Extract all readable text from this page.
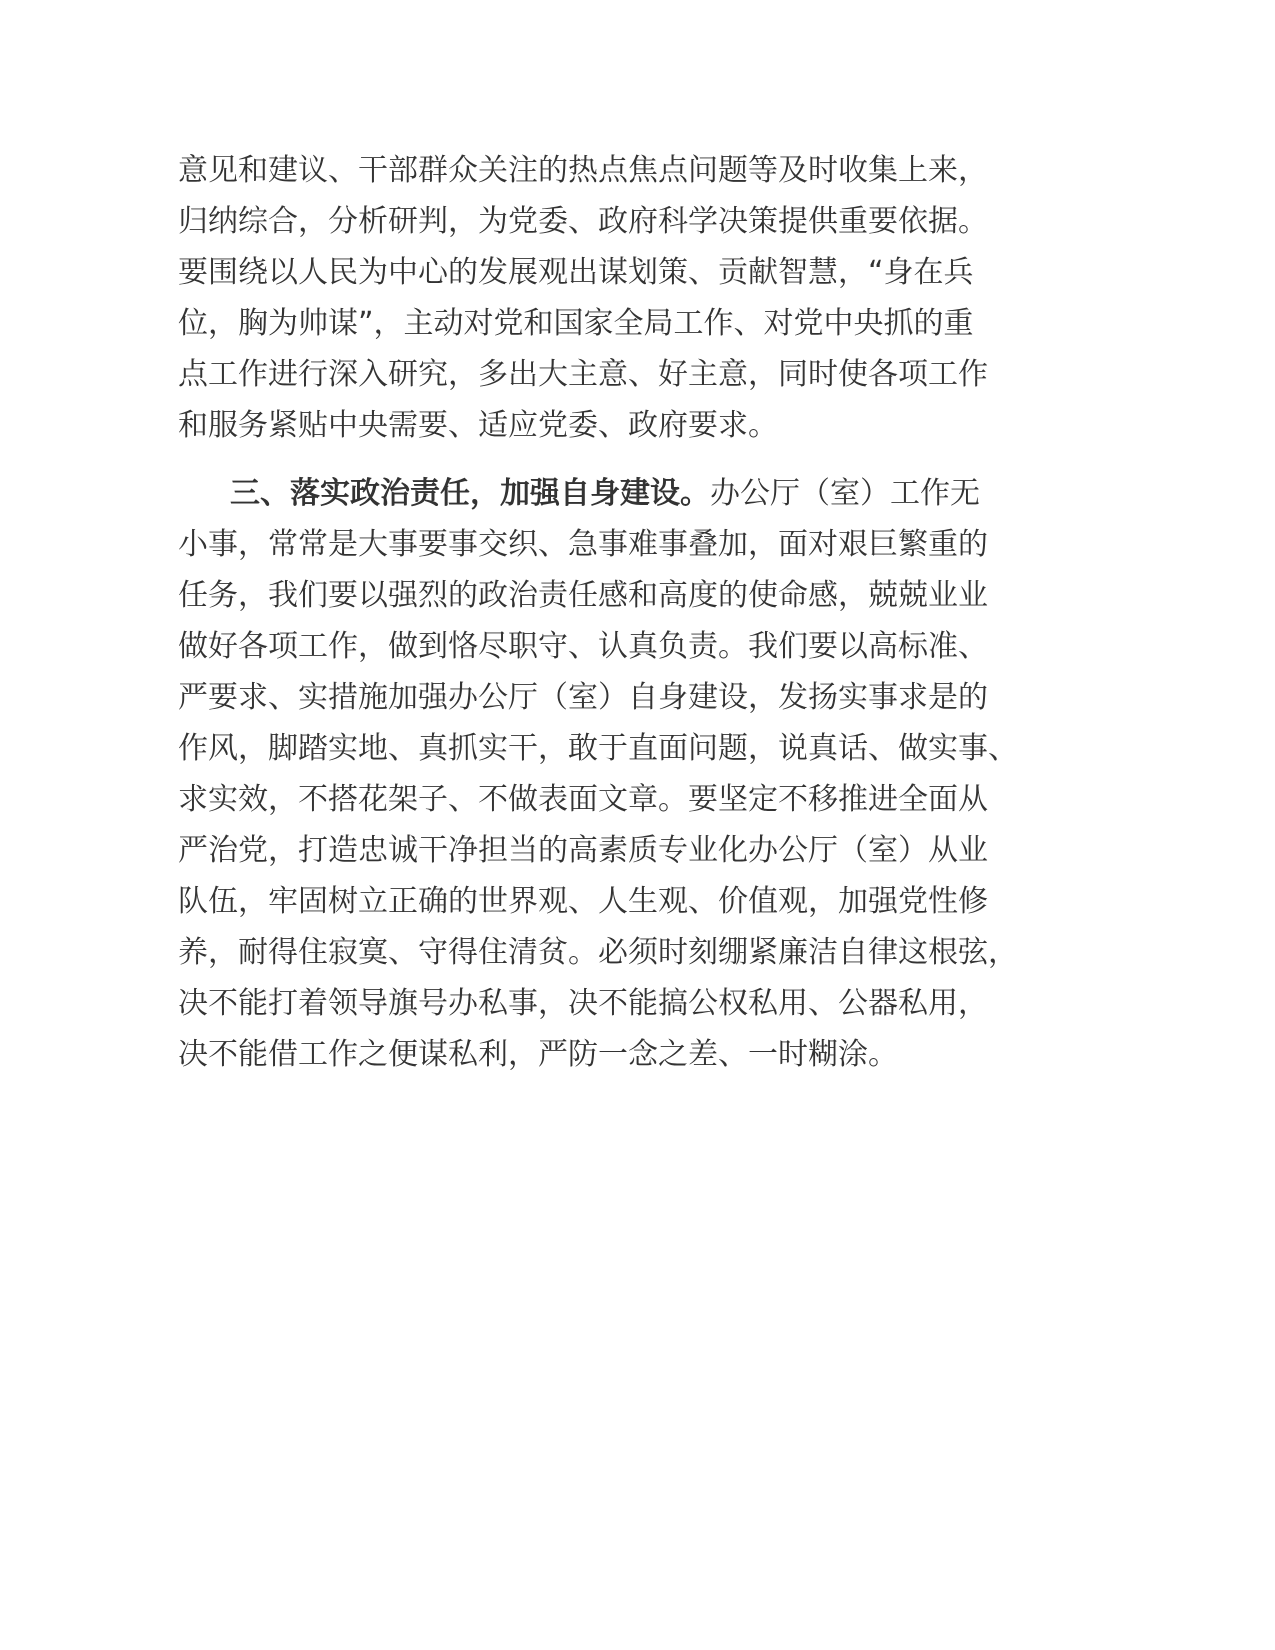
意见和建议、干部群众关注的热点焦点问题等及时收集上来，
归纳综合，分析研判，为党委、政府科学决策提供重要依据。
要围绕以人民为中心的发展观出谋划策、贡献智慧，“身在兵
位，胸为帅谋”，主动对党和国家全局工作、对党中央抓的重
点工作进行深入研究，多出大主意、好主意，同时使各项工作
和服务紧贴中央需要、适应党委、政府要求。
三、落实政治责任，加强自身建设。办公厅（室）工作无
小事，常常是大事要事交织、急事难事叠加，面对艰巨繁重的
任务，我们要以强烈的政治责任感和高度的使命感，兢兢业业
做好各项工作，做到恪尽职守、认真负责。我们要以高标准、
严要求、实措施加强办公厅（室）自身建设，发扬实事求是的
作风，脚踏实地、真抓实干，敢于直面问题，说真话、做实事、
求实效，不搭花架子、不做表面文章。要坚定不移推进全面从
严治党，打造忠诚干净担当的高素质专业化办公厅（室）从业
队伍，牢固树立正确的世界观、人生观、价值观，加强党性修
养，耐得住寂寞、守得住清贫。必须时刻绷紧廉洁自律这根弦，
决不能打着领导旗号办私事，决不能搞公权私用、公器私用，
决不能借工作之便谋私利，严防一念之差、一时糊涂。
